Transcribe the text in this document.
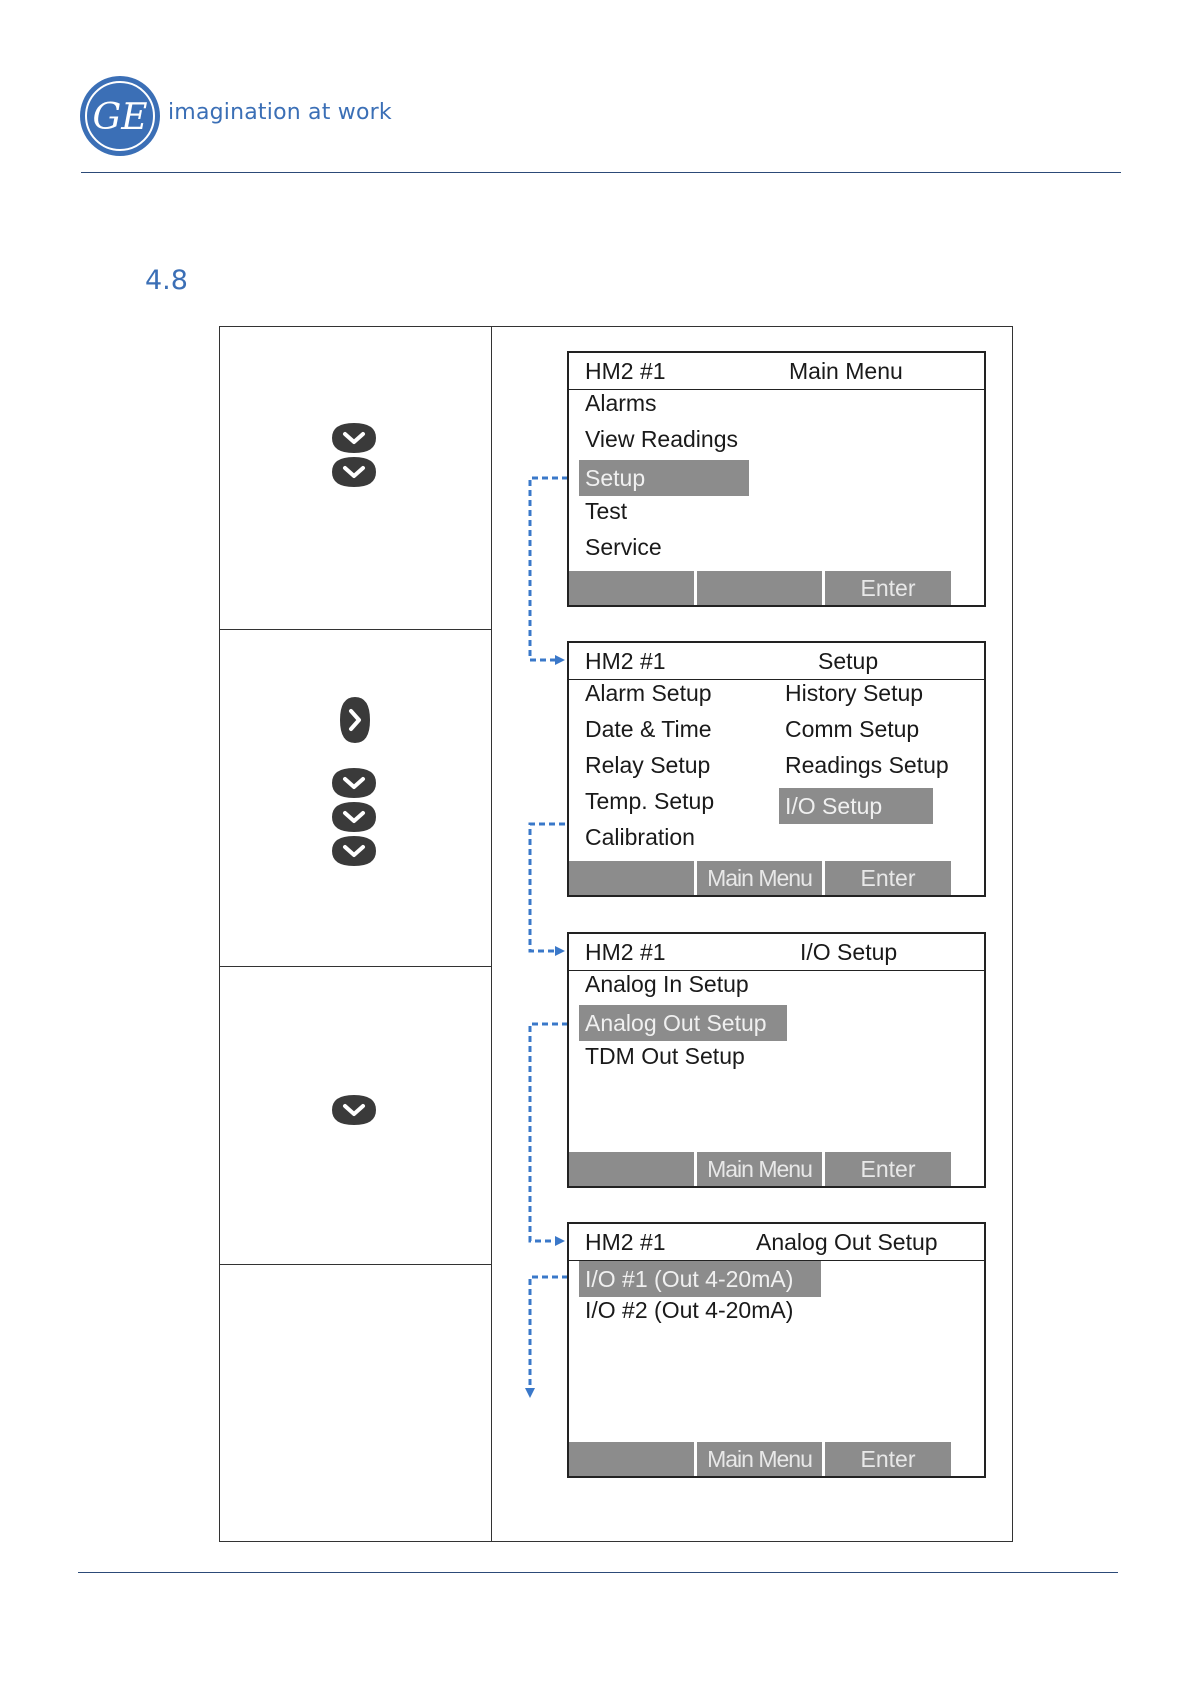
GE imagination at work
4.8
HM2 #1	Main Menu
Alarms
View Readings
Setup
Test
Service
Enter
HM2 #1	Setup
Alarm Setup
Date & Time
Relay Setup
Temp. Setup
Calibration
History Setup
Comm Setup
Readings Setup
I/O Setup
Main Menu	Enter
HM2 #1	I/O Setup
Analog In Setup
Analog Out Setup
TDM Out Setup
Main Menu	Enter
HM2 #1	Analog Out Setup
I/O #1 (Out 4-20mA)
I/O #2 (Out 4-20mA)
Main Menu	Enter
